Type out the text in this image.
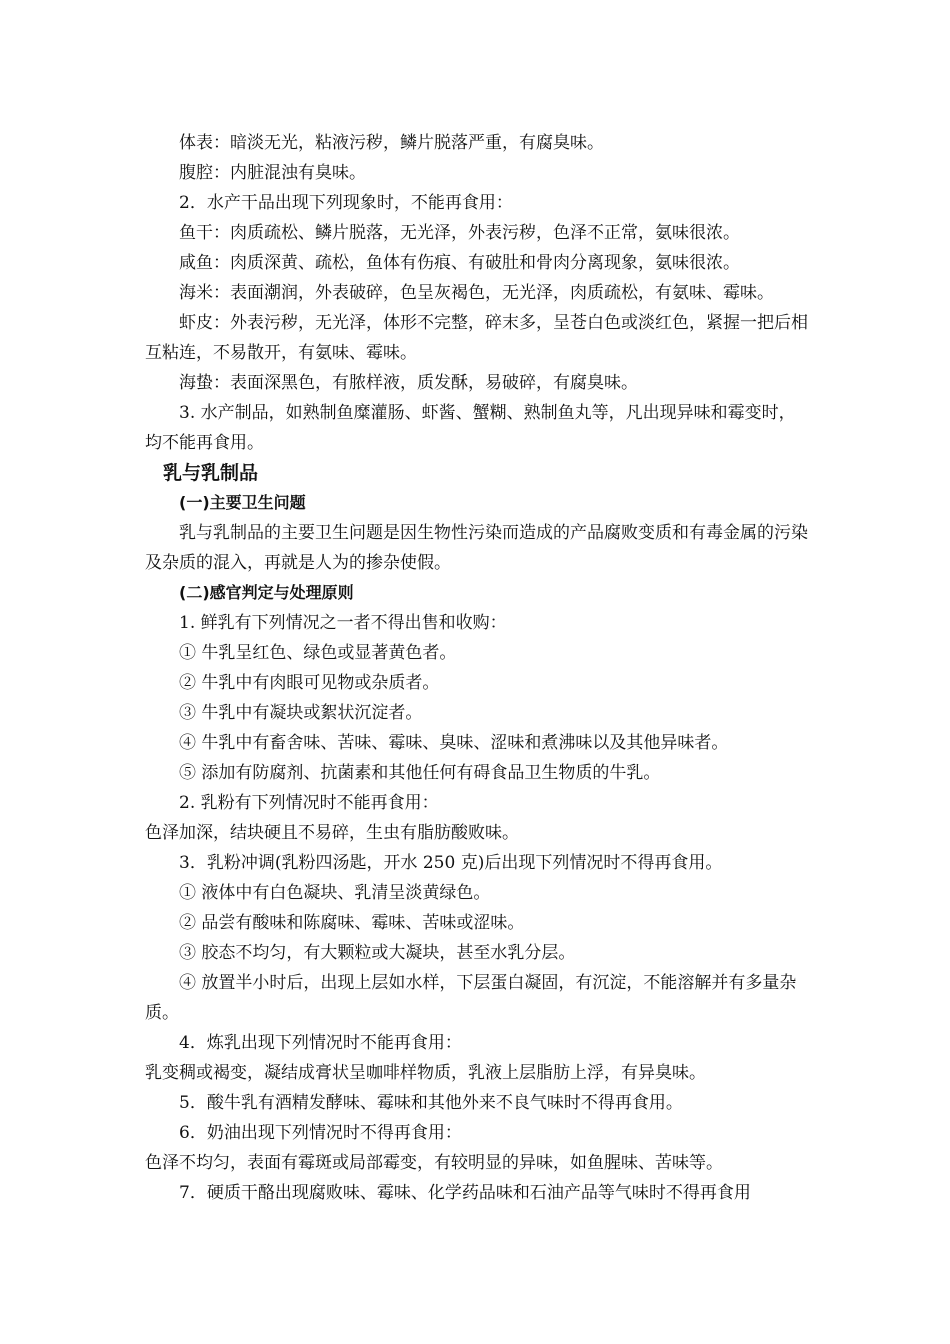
体表：暗淡无光，粘液污秽，鳞片脱落严重，有腐臭味。

腹腔：内脏混浊有臭味。

2．水产干品出现下列现象时，不能再食用：

鱼干：肉质疏松、鳞片脱落，无光泽，外表污秽，色泽不正常，氨味很浓。

咸鱼：肉质深黄、疏松，鱼体有伤痕、有破肚和骨肉分离现象，氨味很浓。

海米：表面潮润，外表破碎，色呈灰褐色，无光泽，肉质疏松，有氨味、霉味。

虾皮：外表污秽，无光泽，体形不完整，碎末多，呈苍白色或淡红色，紧握一把后相互粘连，不易散开，有氨味、霉味。

海蛰：表面深黑色，有脓样液，质发酥，易破碎，有腐臭味。

3. 水产制品，如熟制鱼糜灌肠、虾酱、蟹糊、熟制鱼丸等，凡出现异味和霉变时，均不能再食用。

乳与乳制品
(一)主要卫生问题

乳与乳制品的主要卫生问题是因生物性污染而造成的产品腐败变质和有毒金属的污染及杂质的混入，再就是人为的掺杂使假。

(二)感官判定与处理原则

1. 鲜乳有下列情况之一者不得出售和收购：

① 牛乳呈红色、绿色或显著黄色者。

② 牛乳中有肉眼可见物或杂质者。

③ 牛乳中有凝块或絮状沉淀者。

④ 牛乳中有畜舍味、苦味、霉味、臭味、涩味和煮沸味以及其他异味者。

⑤ 添加有防腐剂、抗菌素和其他任何有碍食品卫生物质的牛乳。

2. 乳粉有下列情况时不能再食用：

色泽加深，结块硬且不易碎，生虫有脂肪酸败味。

3．乳粉冲调(乳粉四汤匙，开水 250 克)后出现下列情况时不得再食用。

① 液体中有白色凝块、乳清呈淡黄绿色。

② 品尝有酸味和陈腐味、霉味、苦味或涩味。

③ 胶态不均匀，有大颗粒或大凝块，甚至水乳分层。

④ 放置半小时后，出现上层如水样，下层蛋白凝固，有沉淀，不能溶解并有多量杂质。

4．炼乳出现下列情况时不能再食用：

乳变稠或褐变，凝结成膏状呈咖啡样物质，乳液上层脂肪上浮，有异臭味。

5．酸牛乳有酒精发酵味、霉味和其他外来不良气味时不得再食用。

6．奶油出现下列情况时不得再食用：

色泽不均匀，表面有霉斑或局部霉变，有较明显的异味，如鱼腥味、苦味等。

7．硬质干酪出现腐败味、霉味、化学药品味和石油产品等气味时不得再食用
